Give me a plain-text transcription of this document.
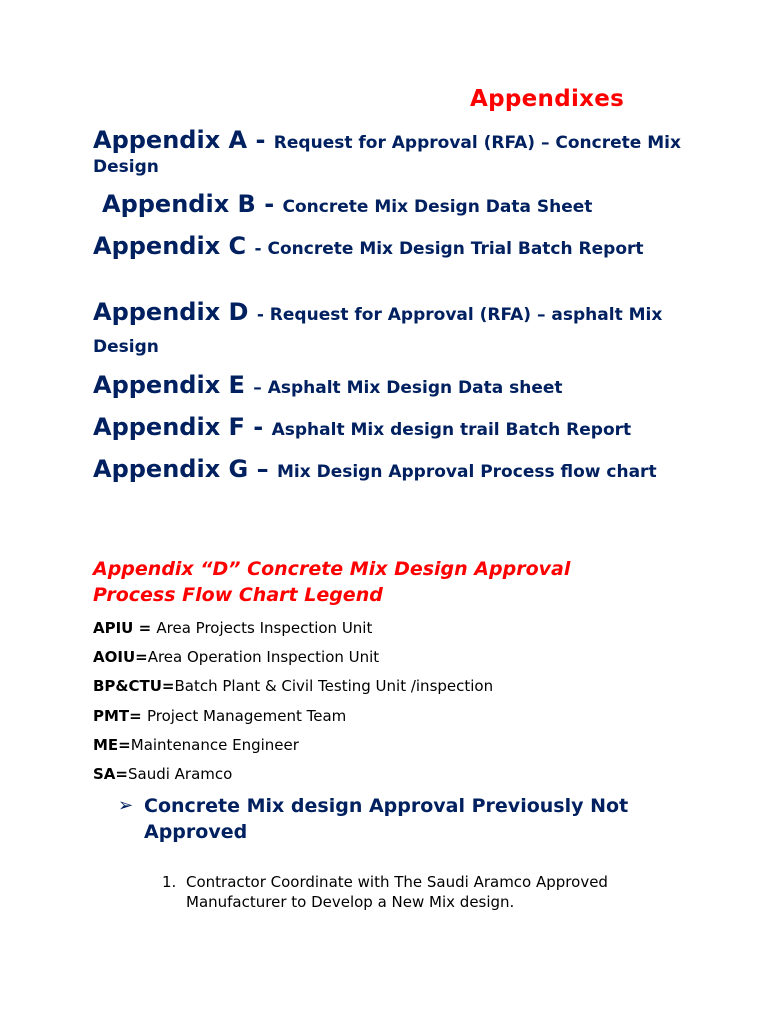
Appendixes
Appendix A - Request for Approval (RFA) – Concrete Mix Design
Appendix B - Concrete Mix Design Data Sheet
Appendix C - Concrete Mix Design Trial Batch Report
Appendix D - Request for Approval (RFA) – asphalt Mix Design
Appendix E – Asphalt Mix Design Data sheet
Appendix F - Asphalt Mix design trail Batch Report
Appendix G – Mix Design Approval Process flow chart
Appendix “D” Concrete Mix Design Approval Process Flow Chart Legend
APIU = Area Projects Inspection Unit
AOIU=Area Operation Inspection Unit
BP&CTU=Batch Plant & Civil Testing Unit /inspection
PMT= Project Management Team
ME=Maintenance Engineer
SA=Saudi Aramco
➢ Concrete Mix design Approval Previously Not Approved
1. Contractor Coordinate with The Saudi Aramco Approved Manufacturer to Develop a New Mix design.
